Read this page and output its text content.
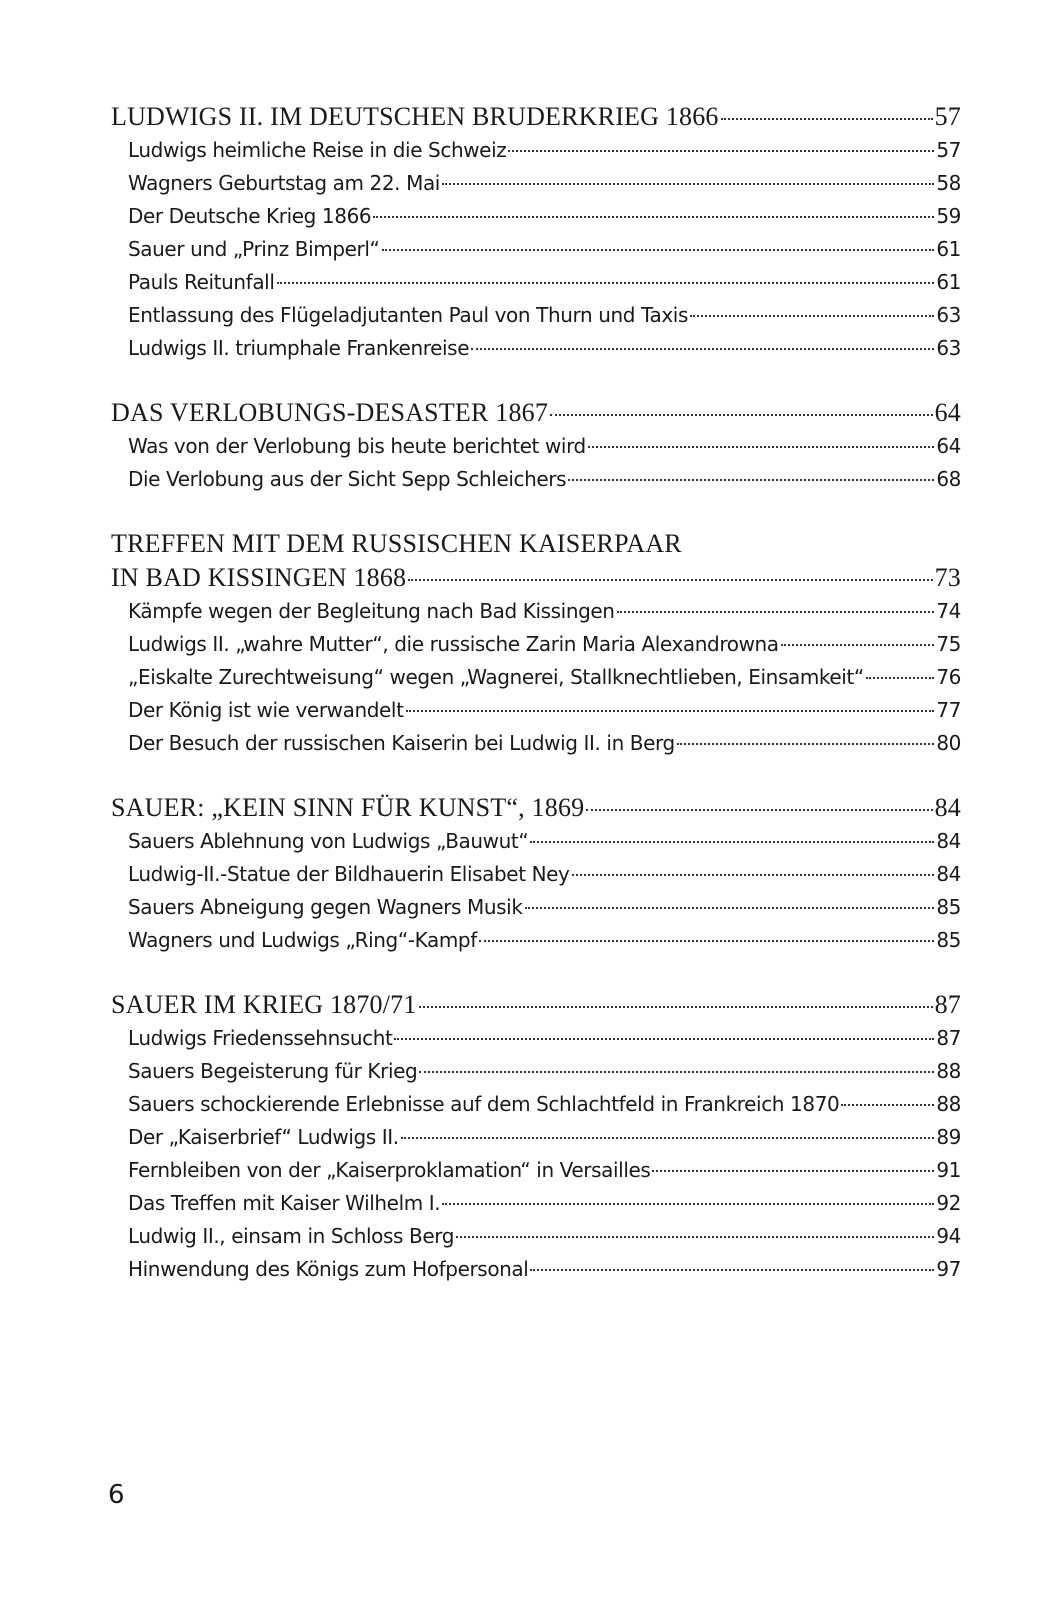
LUDWIGS II. IM DEUTSCHEN BRUDERKRIEG 1866	57
Ludwigs heimliche Reise in die Schweiz	57
Wagners Geburtstag am 22. Mai	58
Der Deutsche Krieg 1866	59
Sauer und „Prinz Bimperl“	61
Pauls Reitunfall	61
Entlassung des Flügeladjutanten Paul von Thurn und Taxis	63
Ludwigs II. triumphale Frankenreise	63
DAS VERLOBUNGS-DESASTER 1867	64
Was von der Verlobung bis heute berichtet wird	64
Die Verlobung aus der Sicht Sepp Schleichers	68
TREFFEN MIT DEM RUSSISCHEN KAISERPAAR
IN BAD KISSINGEN 1868	73
Kämpfe wegen der Begleitung nach Bad Kissingen	74
Ludwigs II. „wahre Mutter“, die russische Zarin Maria Alexandrowna	75
„Eiskalte Zurechtweisung“ wegen „Wagnerei, Stallknechtlieben, Einsamkeit“	76
Der König ist wie verwandelt	77
Der Besuch der russischen Kaiserin bei Ludwig II. in Berg	80
SAUER: „KEIN SINN FÜR KUNST“, 1869	84
Sauers Ablehnung von Ludwigs „Bauwut“	84
Ludwig-II.-Statue der Bildhauerin Elisabet Ney	84
Sauers Abneigung gegen Wagners Musik	85
Wagners und Ludwigs „Ring“-Kampf	85
SAUER IM KRIEG 1870/71	87
Ludwigs Friedenssehnsucht	87
Sauers Begeisterung für Krieg	88
Sauers schockierende Erlebnisse auf dem Schlachtfeld in Frankreich 1870	88
Der „Kaiserbrief“ Ludwigs II.	89
Fernbleiben von der „Kaiserproklamation“ in Versailles	91
Das Treffen mit Kaiser Wilhelm I.	92
Ludwig II., einsam in Schloss Berg	94
Hinwendung des Königs zum Hofpersonal	97
6
